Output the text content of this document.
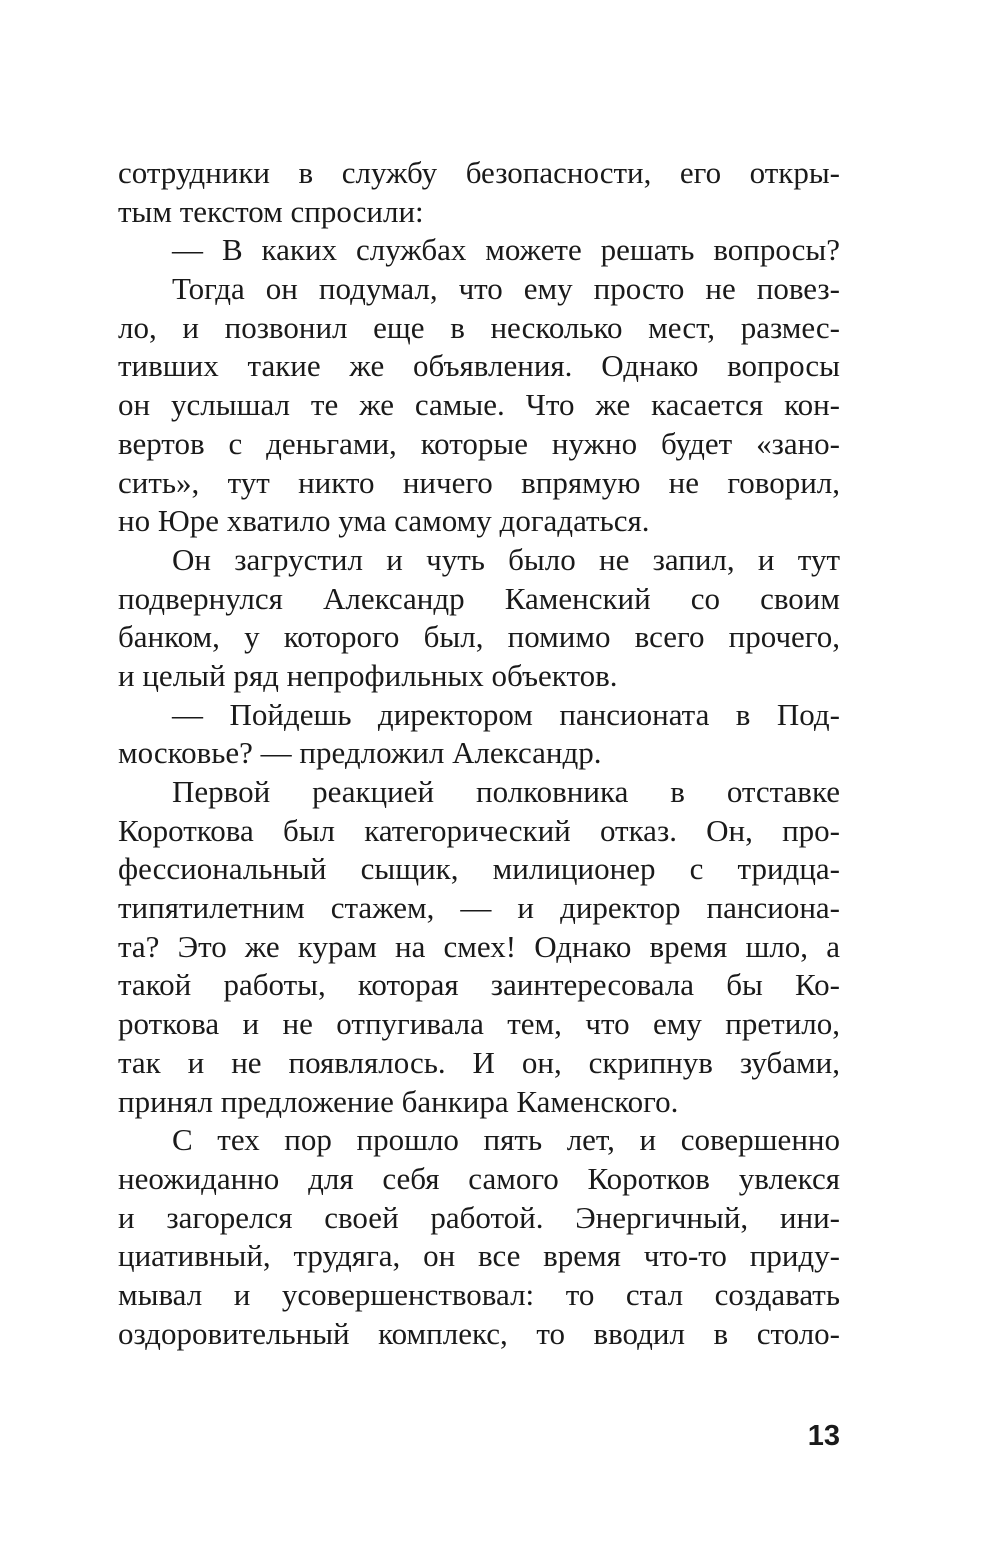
сотрудники в службу безопасности, его откры-
тым текстом спросили:
— В каких службах можете решать вопросы?
Тогда он подумал, что ему просто не повез-
ло, и позвонил еще в несколько мест, размес-
тивших такие же объявления. Однако вопросы
он услышал те же самые. Что же касается кон-
вертов с деньгами, которые нужно будет «зано-
сить», тут никто ничего впрямую не говорил,
но Юре хватило ума самому догадаться.
Он загрустил и чуть было не запил, и тут
подвернулся Александр Каменский со своим
банком, у которого был, помимо всего прочего,
и целый ряд непрофильных объектов.
— Пойдешь директором пансионата в Под-
московье? — предложил Александр.
Первой реакцией полковника в отставке
Короткова был категорический отказ. Он, про-
фессиональный сыщик, милиционер с тридца-
типятилетним стажем, — и директор пансиона-
та? Это же курам на смех! Однако время шло, а
такой работы, которая заинтересовала бы Ко-
роткова и не отпугивала тем, что ему претило,
так и не появлялось. И он, скрипнув зубами,
принял предложение банкира Каменского.
С тех пор прошло пять лет, и совершенно
неожиданно для себя самого Коротков увлекся
и загорелся своей работой. Энергичный, ини-
циативный, трудяга, он все время что-то приду-
мывал и усовершенствовал: то стал создавать
оздоровительный комплекс, то вводил в столо-
13
